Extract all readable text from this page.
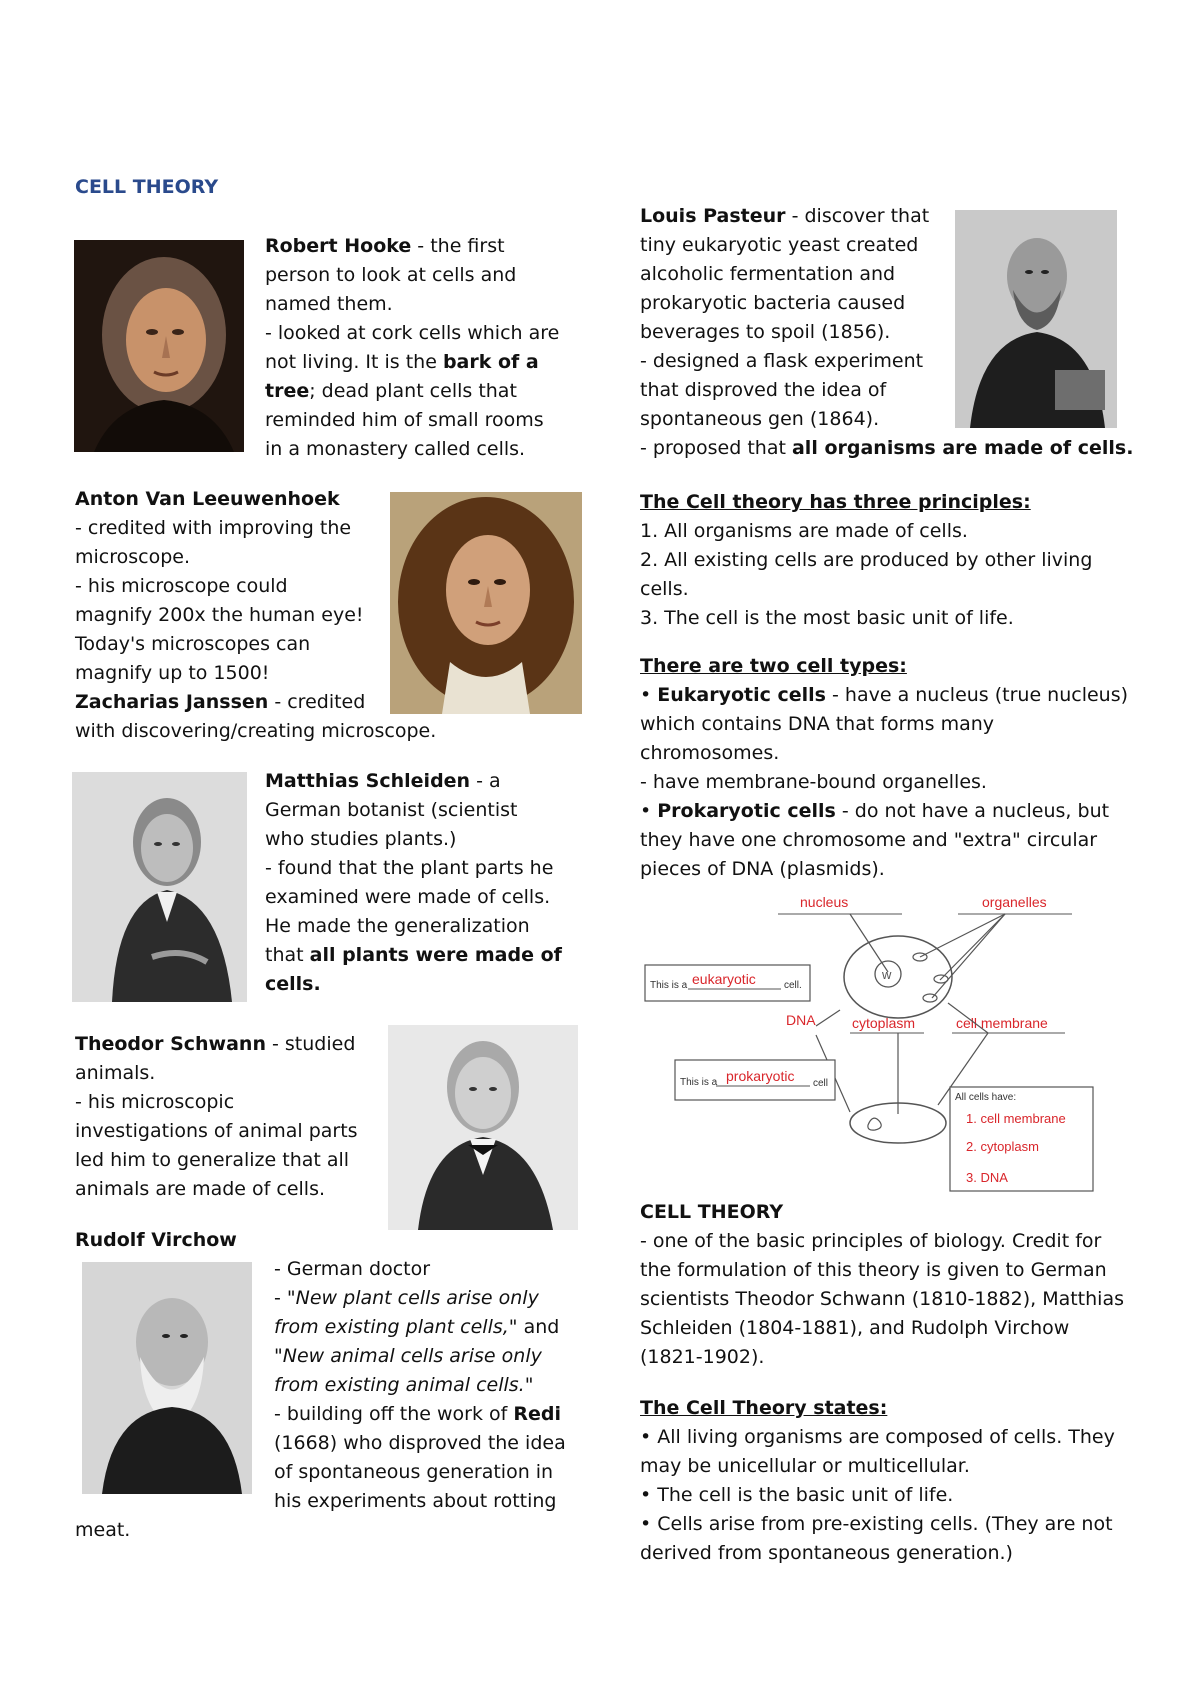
CELL THEORY

Robert Hooke - the first

person to look at cells and

named them.

- looked at cork cells which are

not living. It is the bark of a

tree; dead plant cells that

reminded him of small rooms

in a monastery called cells.

Anton Van Leeuwenhoek

- credited with improving the

microscope.

- his microscope could

magnify 200x the human eye!

Today's microscopes can

magnify up to 1500!

Zacharias Janssen - credited

with discovering/creating microscope.

Matthias Schleiden - a

German botanist (scientist

who studies plants.)

- found that the plant parts he

examined were made of cells.

He made the generalization

that all plants were made of

cells.

Theodor Schwann - studied

animals.

- his microscopic

investigations of animal parts

led him to generalize that all

animals are made of cells.

Rudolf Virchow

- German doctor

- "New plant cells arise only

from existing plant cells," and

"New animal cells arise only

from existing animal cells."

- building off the work of Redi

(1668) who disproved the idea

of spontaneous generation in

his experiments about rotting

meat.

Louis Pasteur - discover that

tiny eukaryotic yeast created

alcoholic fermentation and

prokaryotic bacteria caused

beverages to spoil (1856).

- designed a flask experiment

that disproved the idea of

spontaneous gen (1864).

- proposed that all organisms are made of cells.

The Cell theory has three principles:

1. All organisms are made of cells.

2. All existing cells are produced by other living

cells.

3. The cell is the most basic unit of life.

There are two cell types:

• Eukaryotic cells - have a nucleus (true nucleus)

which contains DNA that forms many

chromosomes.

- have membrane-bound organelles.

• Prokaryotic cells - do not have a nucleus, but

they have one chromosome and "extra" circular

pieces of DNA (plasmids).

nucleus	organelles
w
This is a eukaryotic	cell.
DNA	cytoplasm	cell membrane
This is a prokaryotic cell
All cells have:
1. cell membrane
2. cytoplasm
3. DNA

CELL THEORY

- one of the basic principles of biology. Credit for

the formulation of this theory is given to German

scientists Theodor Schwann (1810-1882), Matthias

Schleiden (1804-1881), and Rudolph Virchow

(1821-1902).

The Cell Theory states:

• All living organisms are composed of cells. They

may be unicellular or multicellular.

• The cell is the basic unit of life.

• Cells arise from pre-existing cells. (They are not

derived from spontaneous generation.)
